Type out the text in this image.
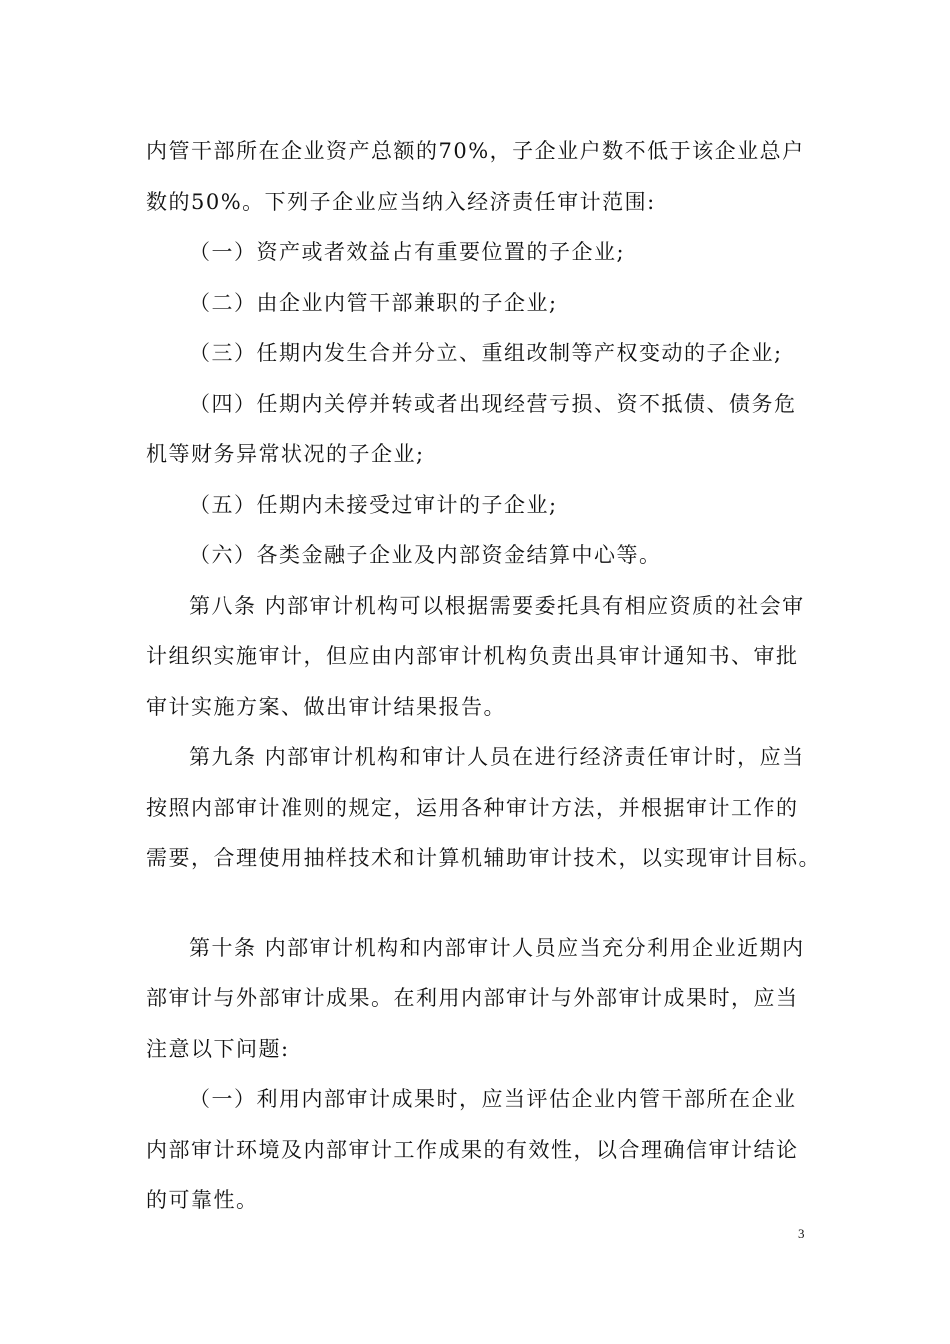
内管干部所在企业资产总额的70%，子企业户数不低于该企业总户

数的50%。下列子企业应当纳入经济责任审计范围:

（一）资产或者效益占有重要位置的子企业;

（二）由企业内管干部兼职的子企业;

（三）任期内发生合并分立、重组改制等产权变动的子企业;

（四）任期内关停并转或者出现经营亏损、资不抵债、债务危

机等财务异常状况的子企业;

（五）任期内未接受过审计的子企业;

（六）各类金融子企业及内部资金结算中心等。

第八条 内部审计机构可以根据需要委托具有相应资质的社会审

计组织实施审计，但应由内部审计机构负责出具审计通知书、审批

审计实施方案、做出审计结果报告。

第九条 内部审计机构和审计人员在进行经济责任审计时，应当

按照内部审计准则的规定，运用各种审计方法，并根据审计工作的

需要，合理使用抽样技术和计算机辅助审计技术，以实现审计目标。

第十条 内部审计机构和内部审计人员应当充分利用企业近期内

部审计与外部审计成果。在利用内部审计与外部审计成果时，应当

注意以下问题:

（一）利用内部审计成果时，应当评估企业内管干部所在企业

内部审计环境及内部审计工作成果的有效性，以合理确信审计结论

的可靠性。

3
